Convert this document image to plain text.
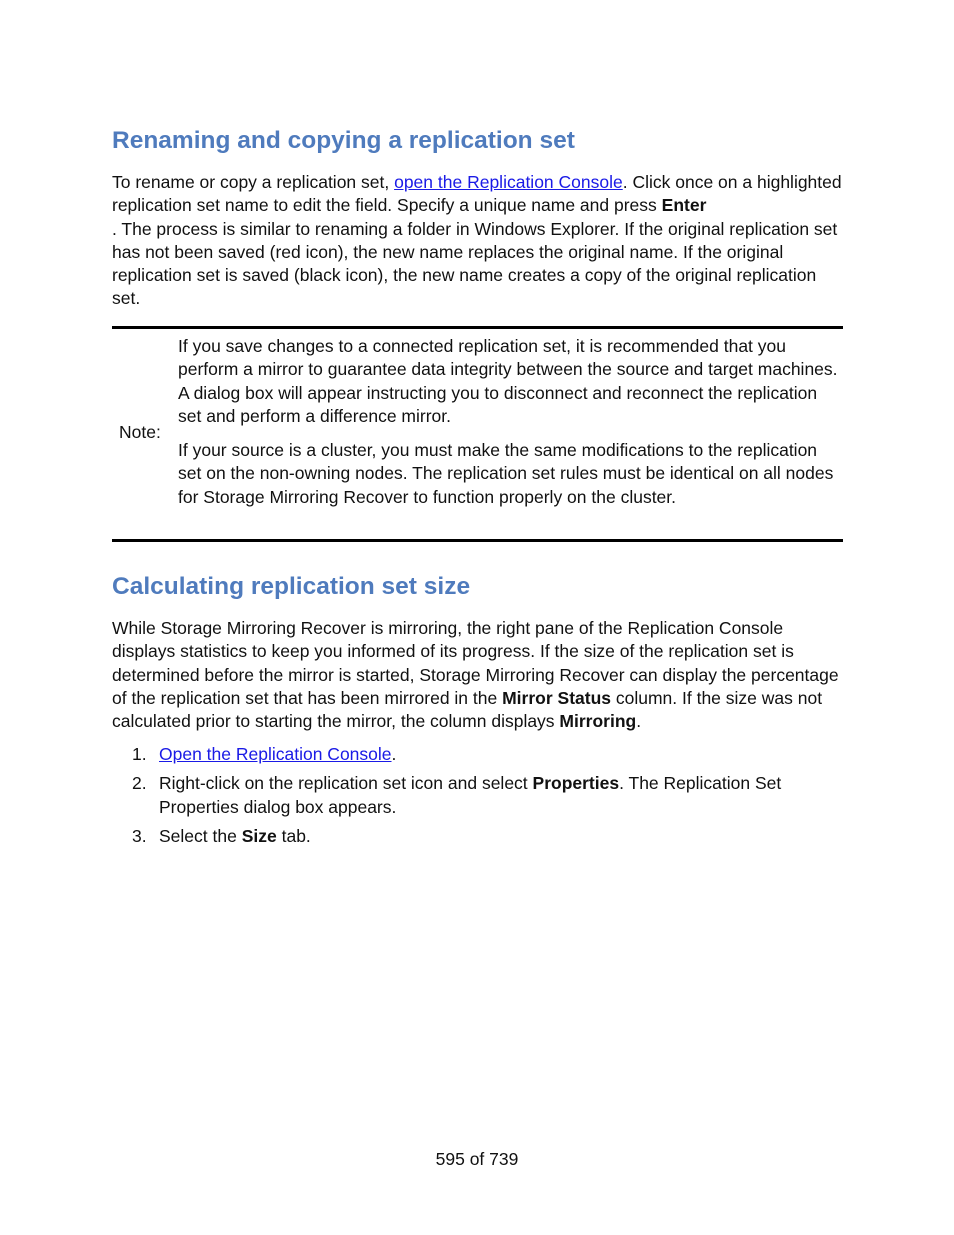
Renaming and copying a replication set

To rename or copy a replication set, open the Replication Console. Click once on a highlighted replication set name to edit the field. Specify a unique name and press Enter
. The process is similar to renaming a folder in Windows Explorer. If the original replication set has not been saved (red icon), the new name replaces the original name. If the original replication set is saved (black icon), the new name creates a copy of the original replication set.

Note:

If you save changes to a connected replication set, it is recommended that you perform a mirror to guarantee data integrity between the source and target machines. A dialog box will appear instructing you to disconnect and reconnect the replication set and perform a difference mirror.

If your source is a cluster, you must make the same modifications to the replication set on the non-owning nodes. The replication set rules must be identical on all nodes for Storage Mirroring Recover to function properly on the cluster.

Calculating replication set size

While Storage Mirroring Recover is mirroring, the right pane of the Replication Console displays statistics to keep you informed of its progress. If the size of the replication set is determined before the mirror is started, Storage Mirroring Recover can display the percentage of the replication set that has been mirrored in the Mirror Status column. If the size was not calculated prior to starting the mirror, the column displays Mirroring.

1. Open the Replication Console.
2. Right-click on the replication set icon and select Properties. The Replication Set Properties dialog box appears.
3. Select the Size tab.
595 of 739
